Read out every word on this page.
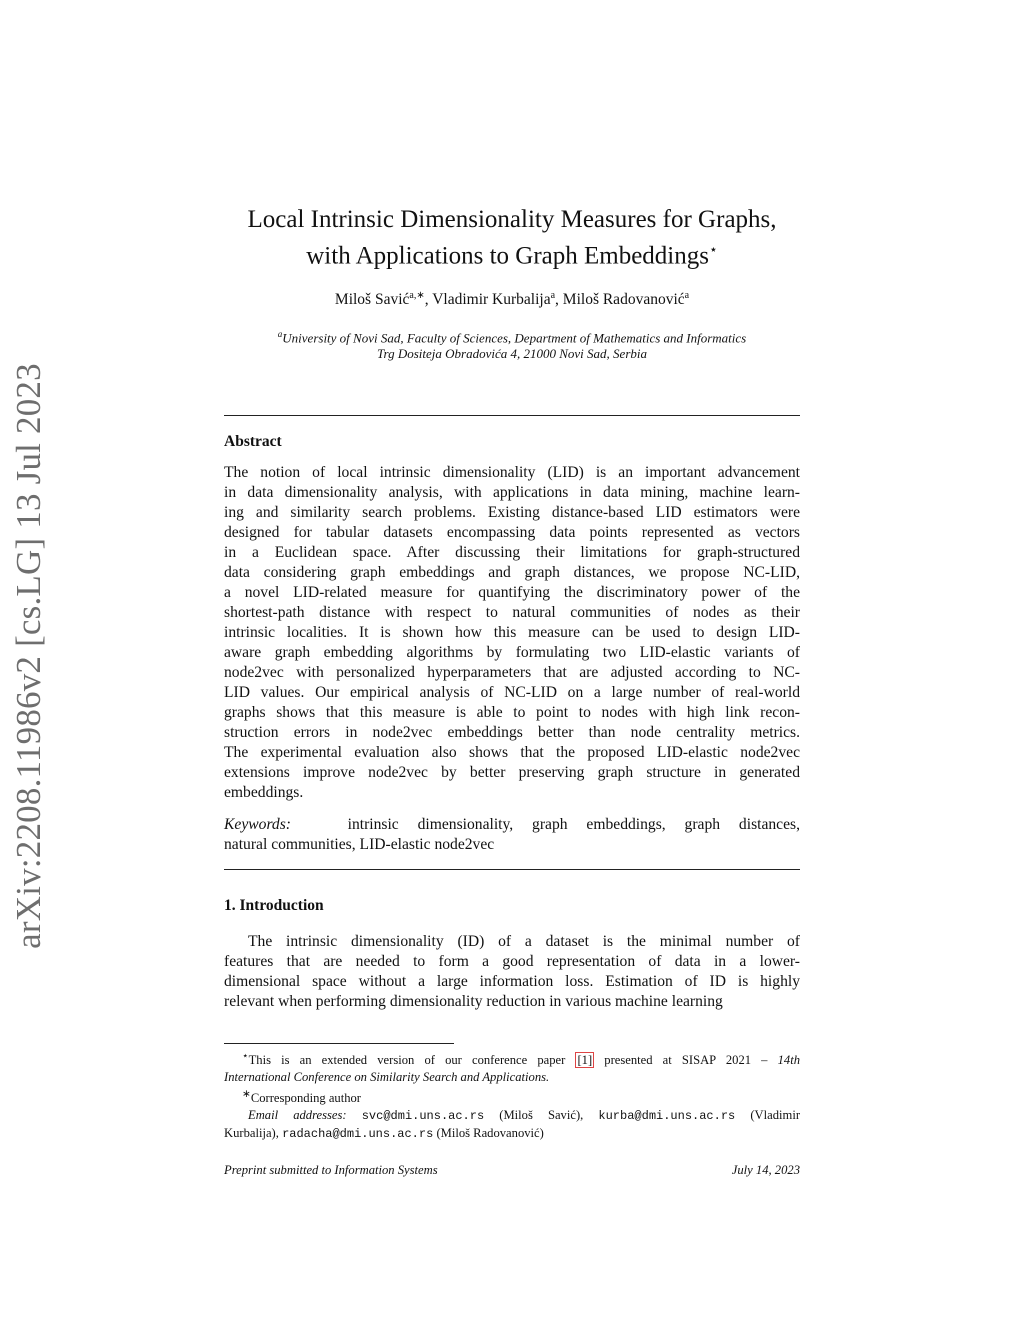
arXiv:2208.11986v2 [cs.LG] 13 Jul 2023
Local Intrinsic Dimensionality Measures for Graphs,
with Applications to Graph Embeddings⋆
Miloš Savić$^{a,∗}$, Vladimir Kurbalija$^a$, Miloš Radovanović$^a$
$^a$University of Novi Sad, Faculty of Sciences, Department of Mathematics and Informatics
Trg Dositeja Obradovića 4, 21000 Novi Sad, Serbia
Abstract
The notion of local intrinsic dimensionality (LID) is an important advancement
in data dimensionality analysis, with applications in data mining, machine learn-
ing and similarity search problems. Existing distance-based LID estimators were
designed for tabular datasets encompassing data points represented as vectors
in a Euclidean space. After discussing their limitations for graph-structured
data considering graph embeddings and graph distances, we propose NC-LID,
a novel LID-related measure for quantifying the discriminatory power of the
shortest-path distance with respect to natural communities of nodes as their
intrinsic localities. It is shown how this measure can be used to design LID-
aware graph embedding algorithms by formulating two LID-elastic variants of
node2vec with personalized hyperparameters that are adjusted according to NC-
LID values. Our empirical analysis of NC-LID on a large number of real-world
graphs shows that this measure is able to point to nodes with high link recon-
struction errors in node2vec embeddings better than node centrality metrics.
The experimental evaluation also shows that the proposed LID-elastic node2vec
extensions improve node2vec by better preserving graph structure in generated
embeddings.
Keywords:	intrinsic dimensionality, graph embeddings, graph distances,
natural communities, LID-elastic node2vec
1. Introduction
The intrinsic dimensionality (ID) of a dataset is the minimal number of
features that are needed to form a good representation of data in a lower-
dimensional space without a large information loss. Estimation of ID is highly
relevant when performing dimensionality reduction in various machine learning
⋆This is an extended version of our conference paper [1] presented at SISAP 2021 – 14th
International Conference on Similarity Search and Applications.
∗Corresponding author
Email addresses: svc@dmi.uns.ac.rs (Miloš Savić), kurba@dmi.uns.ac.rs (Vladimir
Kurbalija), radacha@dmi.uns.ac.rs (Miloš Radovanović)
Preprint submitted to Information Systems	July 14, 2023
